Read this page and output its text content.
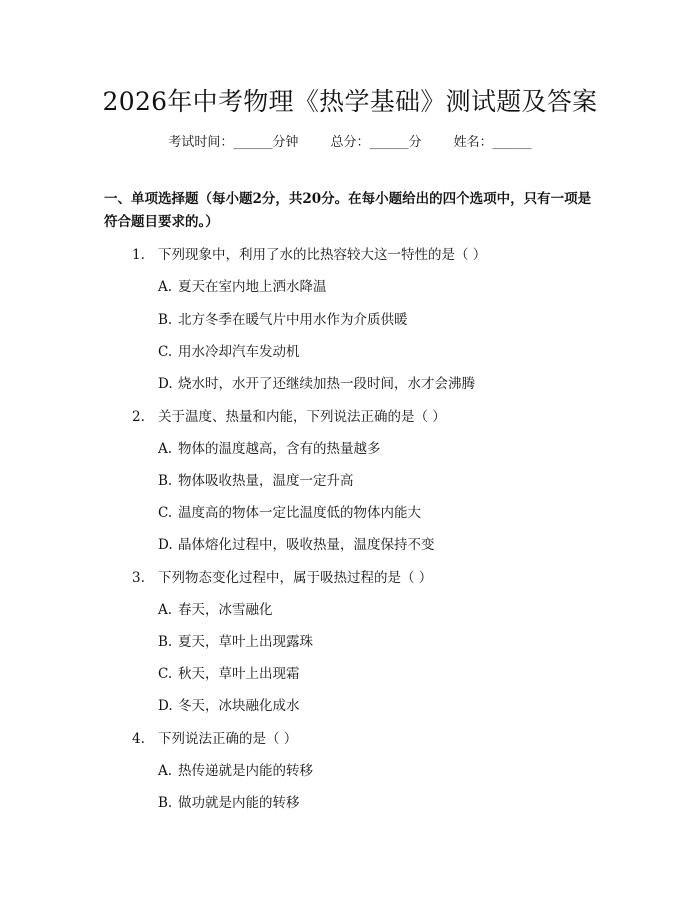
2026年中考物理《热学基础》测试题及答案
考试时间：______分钟 总分：______分 姓名：______
一、单项选择题（每小题2分，共20分。在每小题给出的四个选项中，只有一项是符合题目要求的。）
1. 下列现象中，利用了水的比热容较大这一特性的是（ ）
A. 夏天在室内地上洒水降温
B. 北方冬季在暖气片中用水作为介质供暖
C. 用水冷却汽车发动机
D. 烧水时，水开了还继续加热一段时间，水才会沸腾
2. 关于温度、热量和内能，下列说法正确的是（ ）
A. 物体的温度越高，含有的热量越多
B. 物体吸收热量，温度一定升高
C. 温度高的物体一定比温度低的物体内能大
D. 晶体熔化过程中，吸收热量，温度保持不变
3. 下列物态变化过程中，属于吸热过程的是（ ）
A. 春天，冰雪融化
B. 夏天，草叶上出现露珠
C. 秋天，草叶上出现霜
D. 冬天，冰块融化成水
4. 下列说法正确的是（ ）
A. 热传递就是内能的转移
B. 做功就是内能的转移
